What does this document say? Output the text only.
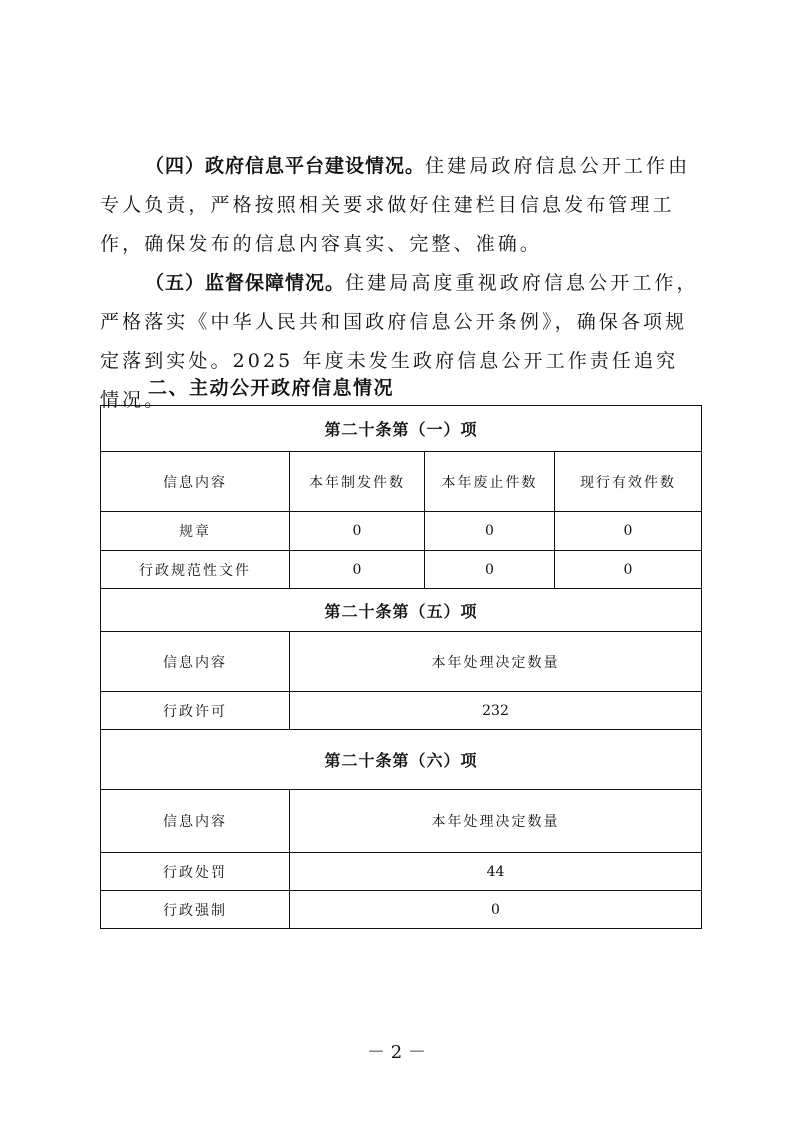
（四）政府信息平台建设情况。住建局政府信息公开工作由专人负责，严格按照相关要求做好住建栏目信息发布管理工作，确保发布的信息内容真实、完整、准确。

（五）监督保障情况。住建局高度重视政府信息公开工作，严格落实《中华人民共和国政府信息公开条例》，确保各项规定落到实处。2025 年度未发生政府信息公开工作责任追究情况。

二、主动公开政府信息情况
第二十条第（一）项			
信息内容	本年制发件数	本年废止件数	现行有效件数
规章	0	0	0
行政规范性文件	0	0	0
第二十条第（五）项			
信息内容	本年处理决定数量		
行政许可	232		
第二十条第（六）项			
信息内容	本年处理决定数量		
行政处罚	44		
行政强制	0		
－ 2 －
